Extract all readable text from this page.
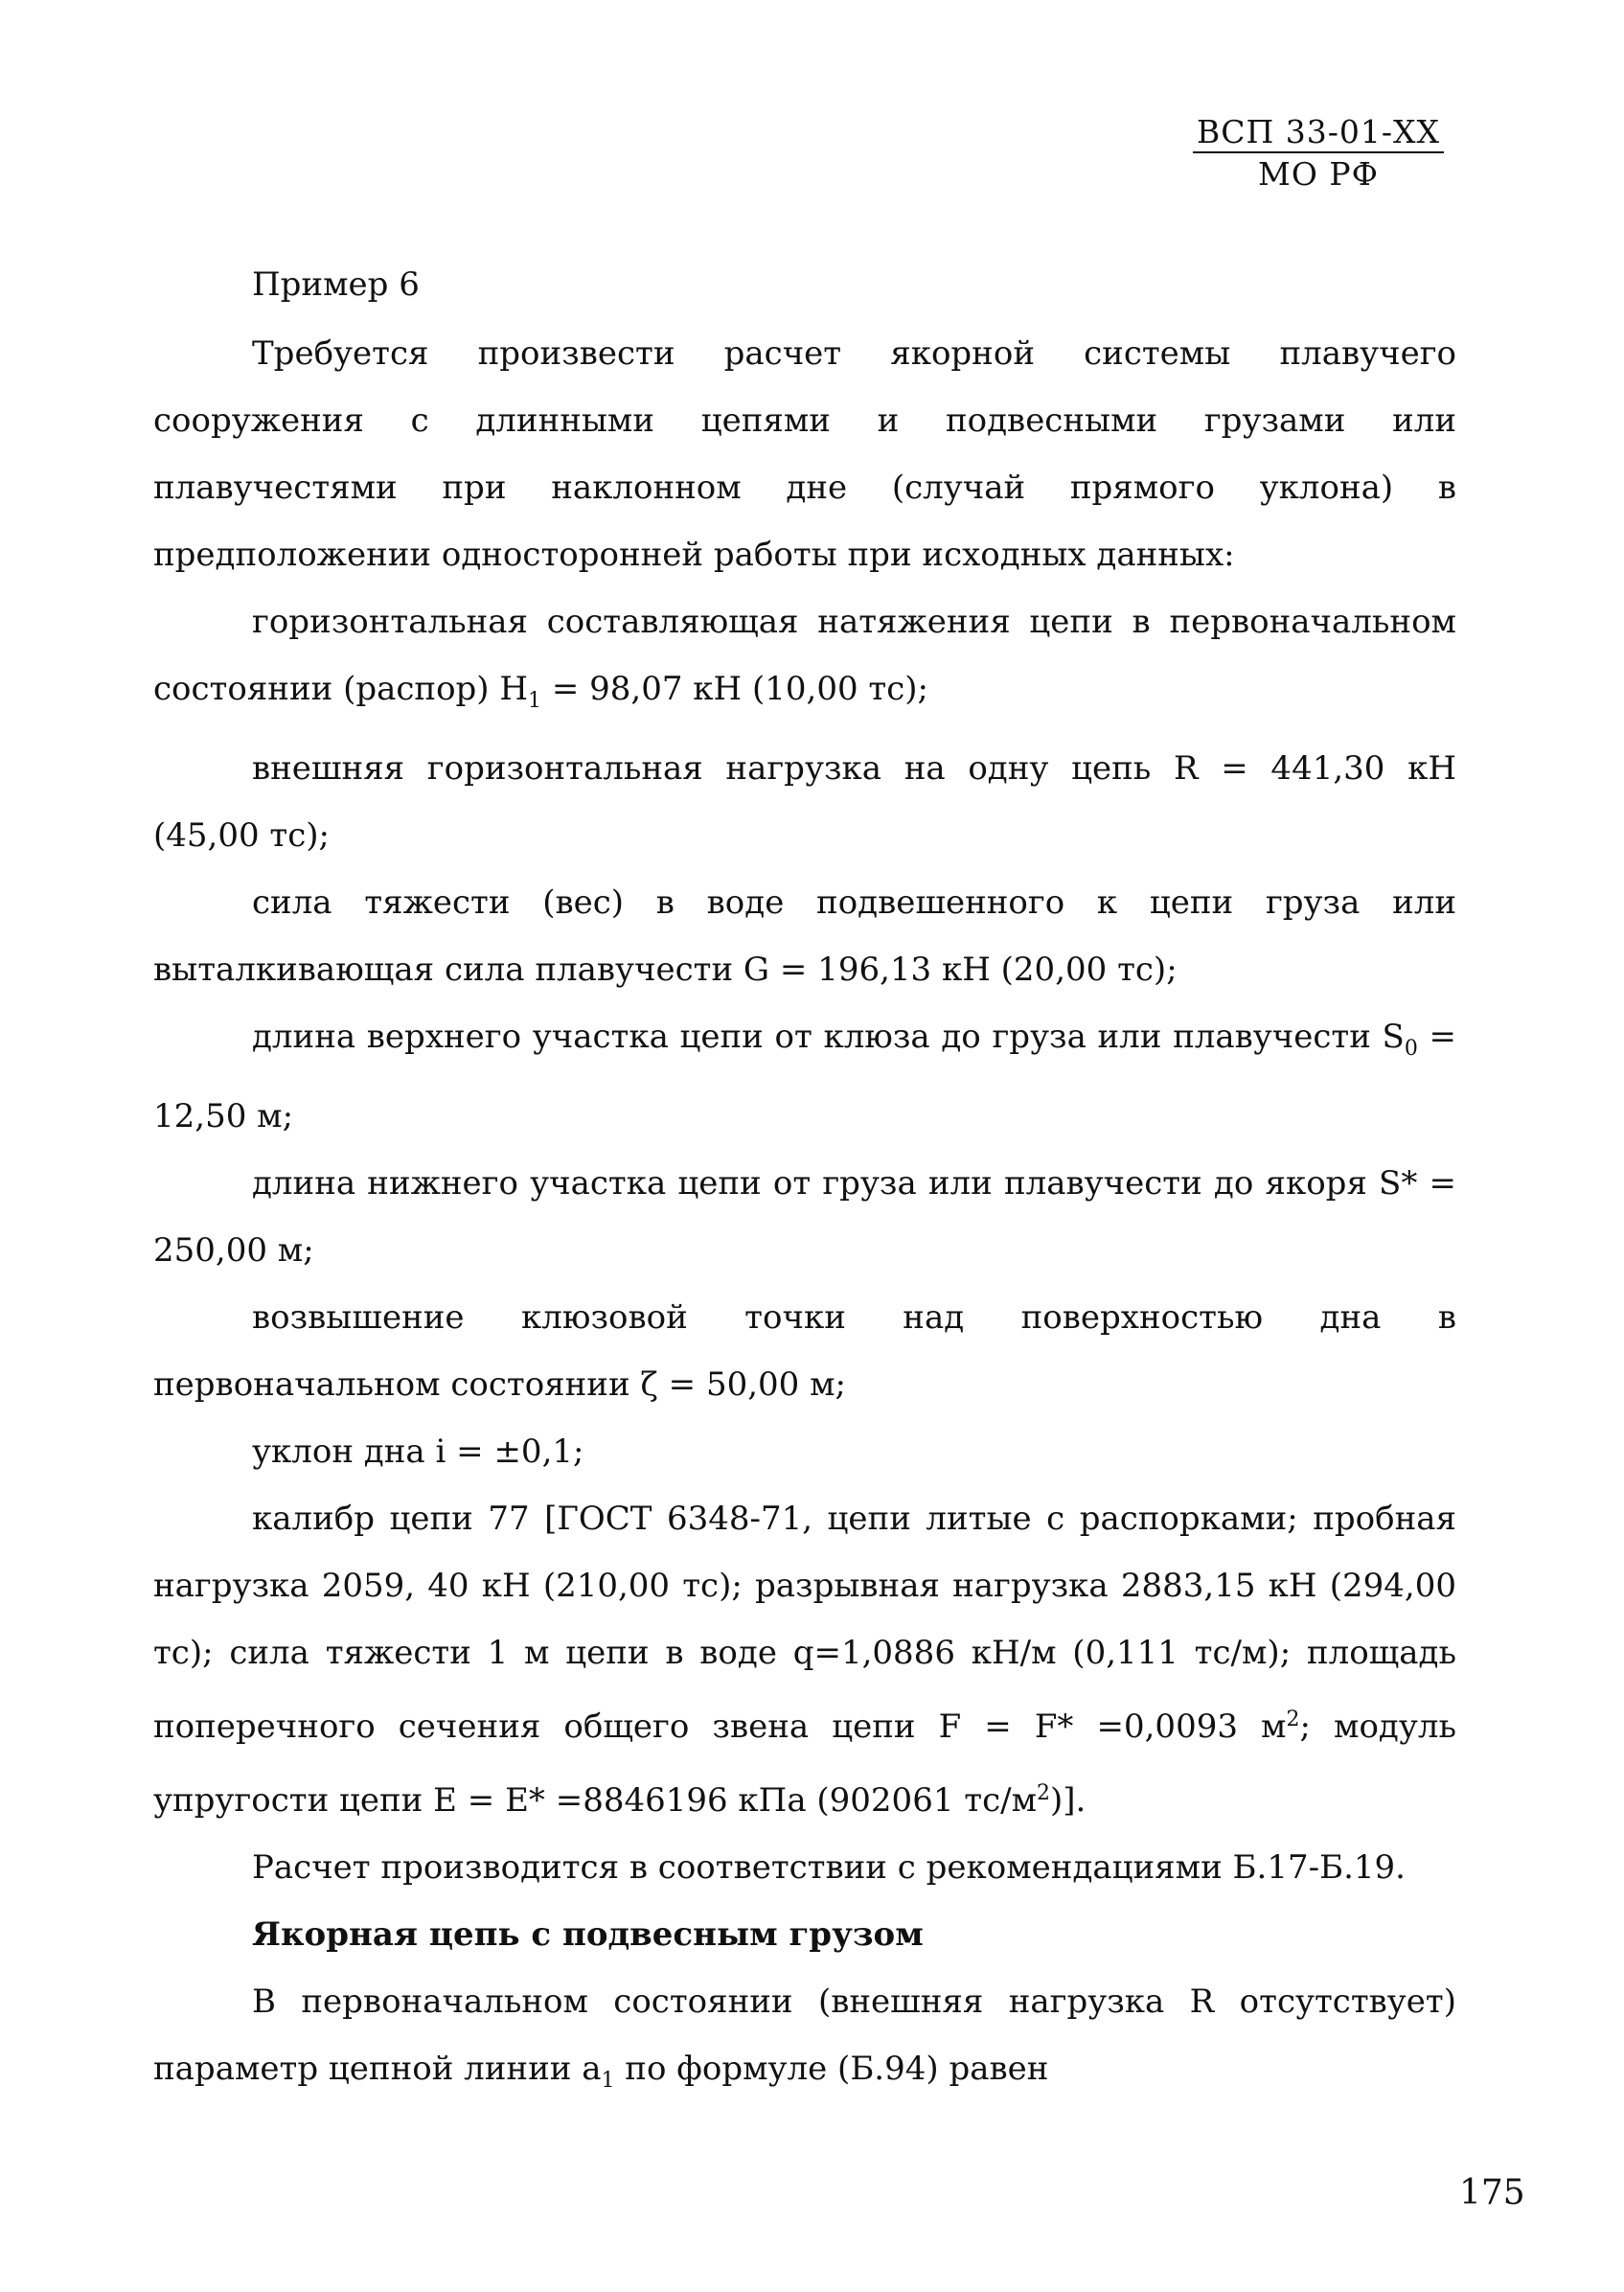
ВСП 33-01-XX
МО РФ

Пример 6

Требуется произвести расчет якорной системы плавучего сооружения с длинными цепями и подвесными грузами или плавучестями при наклонном дне (случай прямого уклона) в предположении односторонней работы при исходных данных:

горизонтальная составляющая натяжения цепи в первоначальном состоянии (распор) $H_1 = 98,07$ кН (10,00 тс);

внешняя горизонтальная нагрузка на одну цепь R = 441,30 кН (45,00 тс);

сила тяжести (вес) в воде подвешенного к цепи груза или выталкивающая сила плавучести G = 196,13 кН (20,00 тс);

длина верхнего участка цепи от клюза до груза или плавучести $S_0 = 12,50$ м;

длина нижнего участка цепи от груза или плавучести до якоря S* = 250,00 м;

возвышение клюзовой точки над поверхностью дна в первоначальном состоянии ζ = 50,00 м;

уклон дна i = ±0,1;

калибр цепи 77 [ГОСТ 6348-71, цепи литые с распорками; пробная нагрузка 2059, 40 кН (210,00 тс); разрывная нагрузка 2883,15 кН (294,00 тс); сила тяжести 1 м цепи в воде q=1,0886 кН/м (0,111 тс/м); площадь поперечного сечения общего звена цепи F = F* =0,0093 $м^2$; модуль упругости цепи E = E* =8846196 кПа (902061 $тс/м^2$)].

Расчет производится в соответствии с рекомендациями Б.17-Б.19.

Якорная цепь с подвесным грузом

В первоначальном состоянии (внешняя нагрузка R отсутствует) параметр цепной линии $a_1$ по формуле (Б.94) равен

175
